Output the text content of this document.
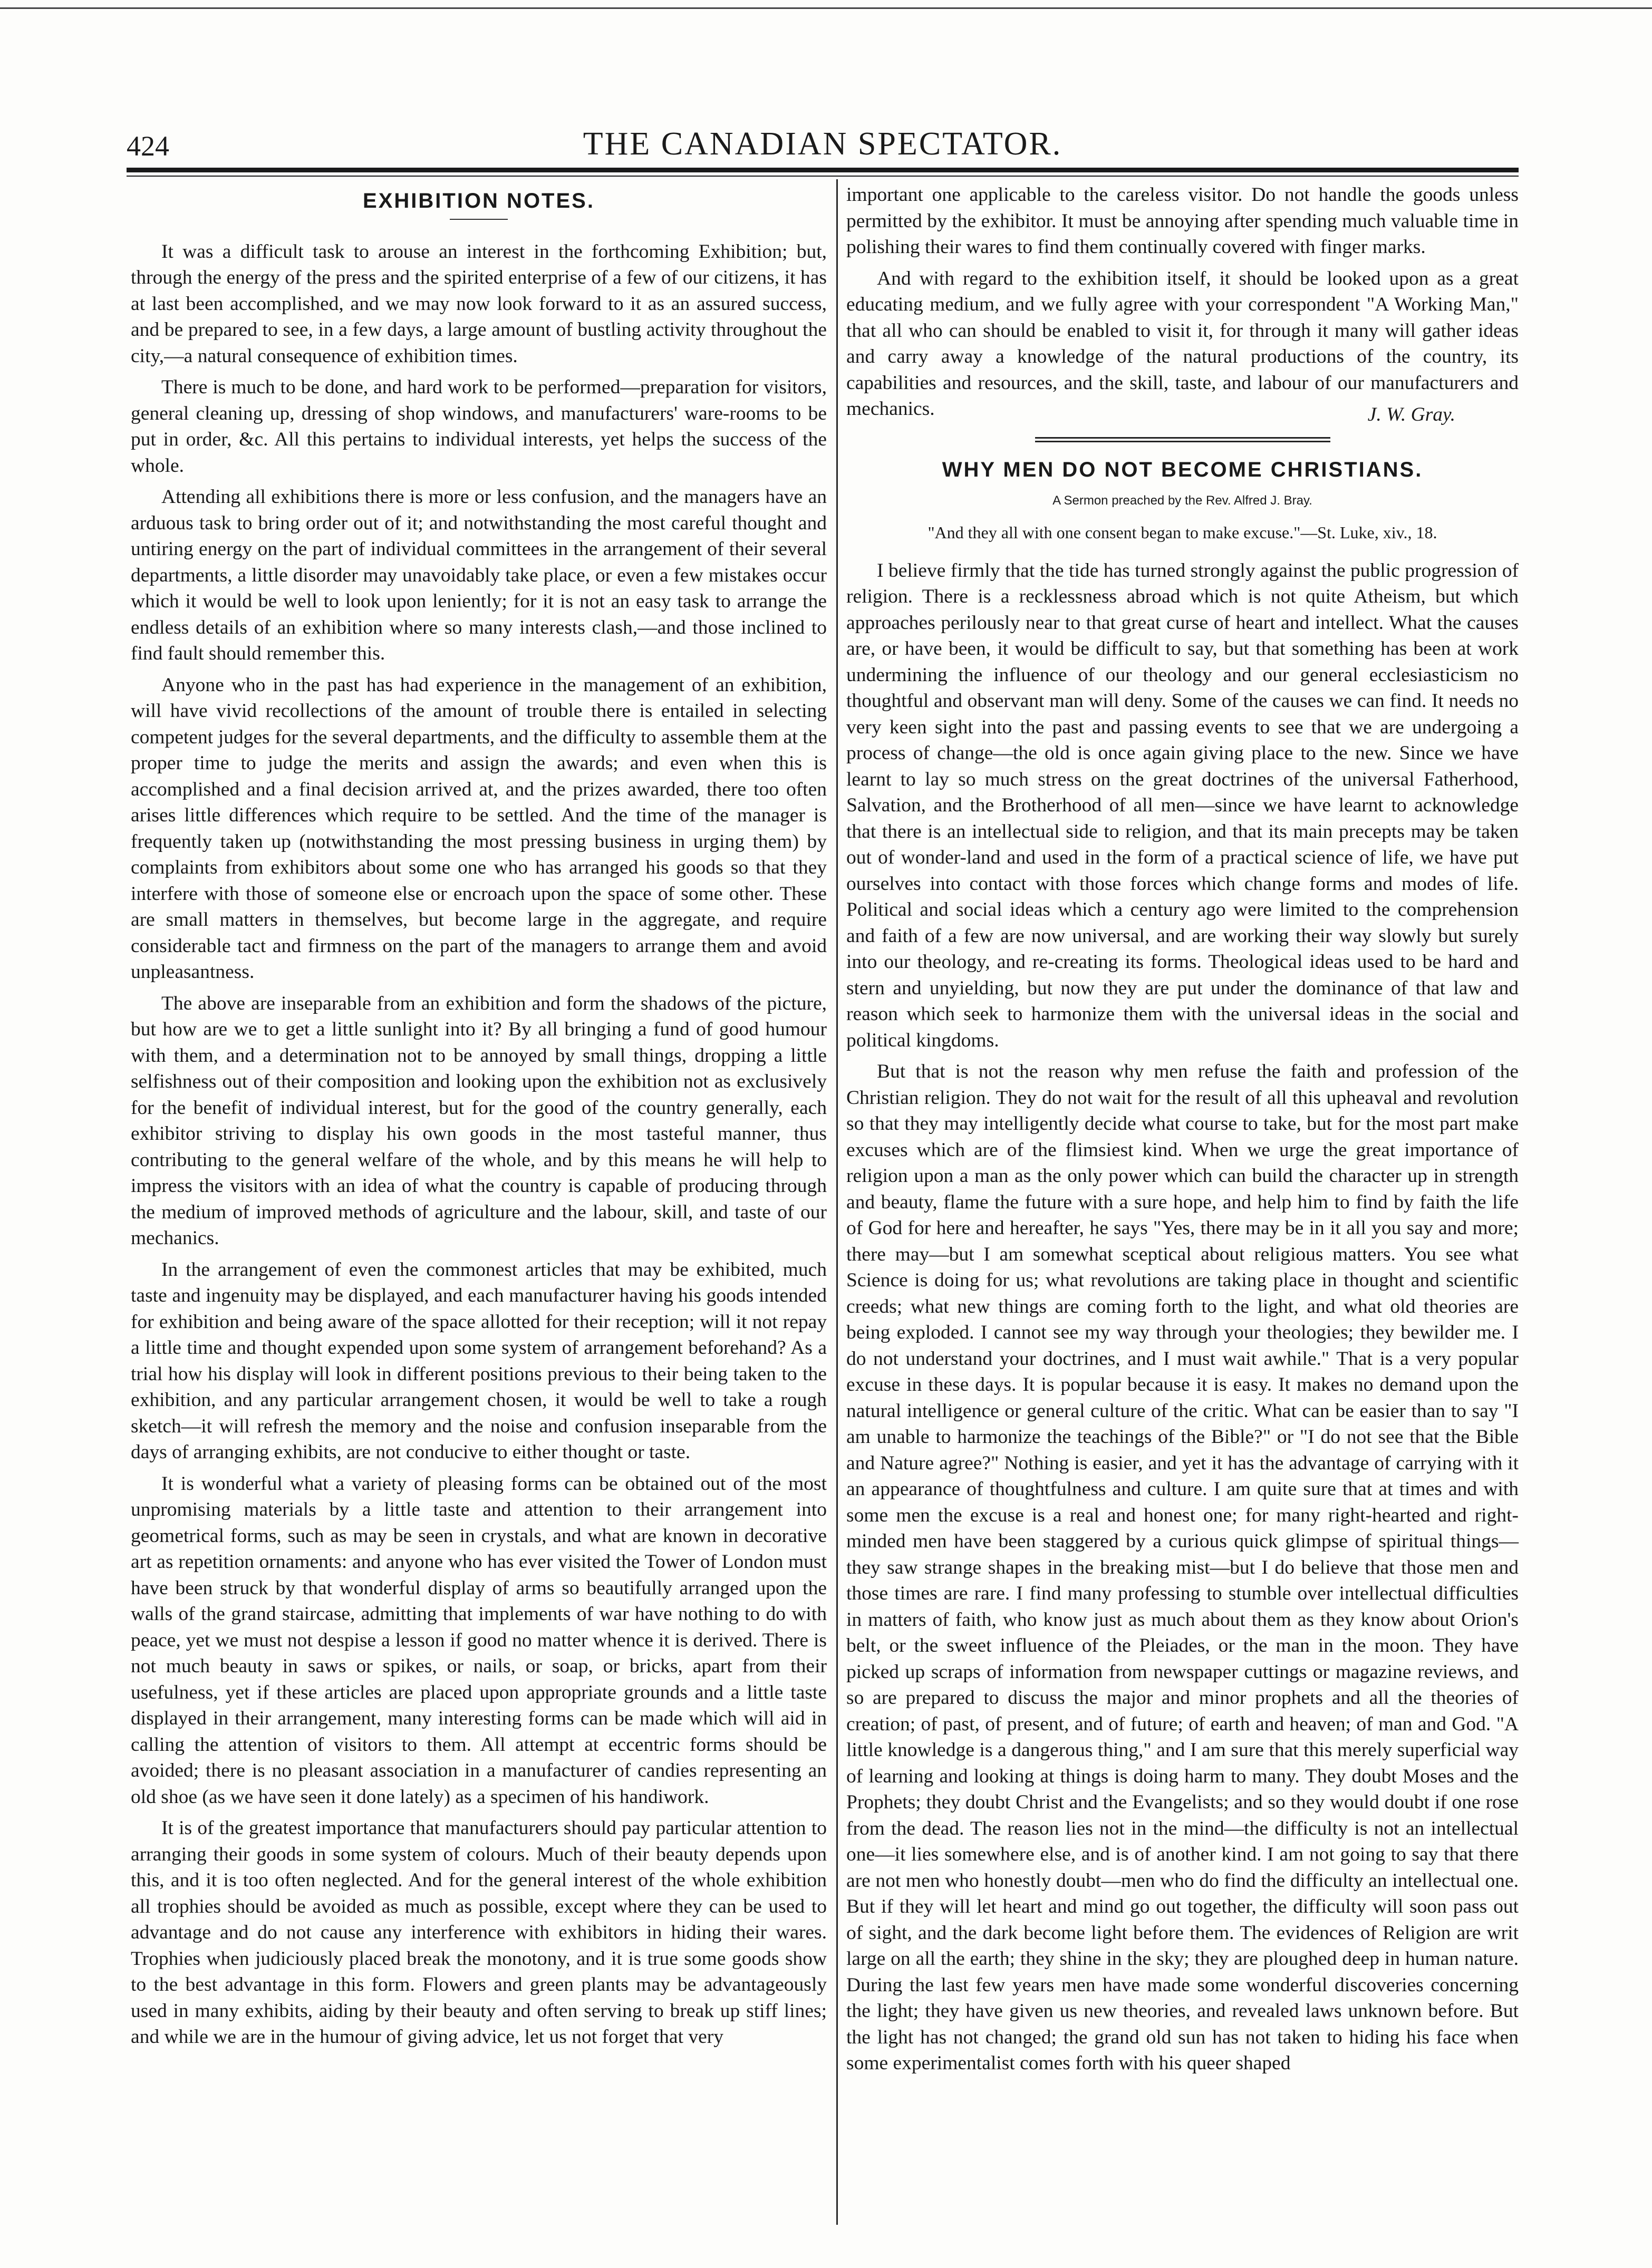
424	THE CANADIAN SPECTATOR.
EXHIBITION NOTES.

It was a difficult task to arouse an interest in the forthcoming Exhibition; but, through the energy of the press and the spirited enterprise of a few of our citizens, it has at last been accomplished, and we may now look forward to it as an assured success, and be prepared to see, in a few days, a large amount of bustling activity throughout the city,—a natural consequence of exhibition times.

There is much to be done, and hard work to be performed—preparation for visitors, general cleaning up, dressing of shop windows, and manufacturers' ware-rooms to be put in order, &c. All this pertains to individual interests, yet helps the success of the whole.

Attending all exhibitions there is more or less confusion, and the managers have an arduous task to bring order out of it; and notwithstanding the most careful thought and untiring energy on the part of individual committees in the arrangement of their several departments, a little disorder may unavoidably take place, or even a few mistakes occur which it would be well to look upon leniently; for it is not an easy task to arrange the endless details of an exhibition where so many interests clash,—and those inclined to find fault should remember this.

Anyone who in the past has had experience in the management of an exhibition, will have vivid recollections of the amount of trouble there is entailed in selecting competent judges for the several departments, and the difficulty to assemble them at the proper time to judge the merits and assign the awards; and even when this is accomplished and a final decision arrived at, and the prizes awarded, there too often arises little differences which require to be settled. And the time of the manager is frequently taken up (notwithstanding the most pressing business in urging them) by complaints from exhibitors about some one who has arranged his goods so that they interfere with those of someone else or encroach upon the space of some other. These are small matters in themselves, but become large in the aggregate, and require considerable tact and firmness on the part of the managers to arrange them and avoid unpleasantness.

The above are inseparable from an exhibition and form the shadows of the picture, but how are we to get a little sunlight into it? By all bringing a fund of good humour with them, and a determination not to be annoyed by small things, dropping a little selfishness out of their composition and looking upon the exhibition not as exclusively for the benefit of individual interest, but for the good of the country generally, each exhibitor striving to display his own goods in the most tasteful manner, thus contributing to the general welfare of the whole, and by this means he will help to impress the visitors with an idea of what the country is capable of producing through the medium of improved methods of agriculture and the labour, skill, and taste of our mechanics.

In the arrangement of even the commonest articles that may be exhibited, much taste and ingenuity may be displayed, and each manufacturer having his goods intended for exhibition and being aware of the space allotted for their reception; will it not repay a little time and thought expended upon some system of arrangement beforehand? As a trial how his display will look in different positions previous to their being taken to the exhibition, and any particular arrangement chosen, it would be well to take a rough sketch—it will refresh the memory and the noise and confusion inseparable from the days of arranging exhibits, are not conducive to either thought or taste.

It is wonderful what a variety of pleasing forms can be obtained out of the most unpromising materials by a little taste and attention to their arrangement into geometrical forms, such as may be seen in crystals, and what are known in decorative art as repetition ornaments: and anyone who has ever visited the Tower of London must have been struck by that wonderful display of arms so beautifully arranged upon the walls of the grand staircase, admitting that implements of war have nothing to do with peace, yet we must not despise a lesson if good no matter whence it is derived. There is not much beauty in saws or spikes, or nails, or soap, or bricks, apart from their usefulness, yet if these articles are placed upon appropriate grounds and a little taste displayed in their arrangement, many interesting forms can be made which will aid in calling the attention of visitors to them. All attempt at eccentric forms should be avoided; there is no pleasant association in a manufacturer of candies representing an old shoe (as we have seen it done lately) as a specimen of his handiwork.

It is of the greatest importance that manufacturers should pay particular attention to arranging their goods in some system of colours. Much of their beauty depends upon this, and it is too often neglected. And for the general interest of the whole exhibition all trophies should be avoided as much as possible, except where they can be used to advantage and do not cause any interference with exhibitors in hiding their wares. Trophies when judiciously placed break the monotony, and it is true some goods show to the best advantage in this form. Flowers and green plants may be advantageously used in many exhibits, aiding by their beauty and often serving to break up stiff lines; and while we are in the humour of giving advice, let us not forget that very

important one applicable to the careless visitor. Do not handle the goods unless permitted by the exhibitor. It must be annoying after spending much valuable time in polishing their wares to find them continually covered with finger marks.

And with regard to the exhibition itself, it should be looked upon as a great educating medium, and we fully agree with your correspondent "A Working Man," that all who can should be enabled to visit it, for through it many will gather ideas and carry away a knowledge of the natural productions of the country, its capabilities and resources, and the skill, taste, and labour of our manufacturers and mechanics.	J. W. Gray.
WHY MEN DO NOT BECOME CHRISTIANS.
A Sermon preached by the Rev. Alfred J. Bray.
"And they all with one consent began to make excuse."—St. Luke, xiv., 18.

I believe firmly that the tide has turned strongly against the public progression of religion. There is a recklessness abroad which is not quite Atheism, but which approaches perilously near to that great curse of heart and intellect. What the causes are, or have been, it would be difficult to say, but that something has been at work undermining the influence of our theology and our general ecclesiasticism no thoughtful and observant man will deny. Some of the causes we can find. It needs no very keen sight into the past and passing events to see that we are undergoing a process of change—the old is once again giving place to the new. Since we have learnt to lay so much stress on the great doctrines of the universal Fatherhood, Salvation, and the Brotherhood of all men—since we have learnt to acknowledge that there is an intellectual side to religion, and that its main precepts may be taken out of wonder-land and used in the form of a practical science of life, we have put ourselves into contact with those forces which change forms and modes of life. Political and social ideas which a century ago were limited to the comprehension and faith of a few are now universal, and are working their way slowly but surely into our theology, and re-creating its forms. Theological ideas used to be hard and stern and unyielding, but now they are put under the dominance of that law and reason which seek to harmonize them with the universal ideas in the social and political kingdoms.

But that is not the reason why men refuse the faith and profession of the Christian religion. They do not wait for the result of all this upheaval and revolution so that they may intelligently decide what course to take, but for the most part make excuses which are of the flimsiest kind. When we urge the great importance of religion upon a man as the only power which can build the character up in strength and beauty, flame the future with a sure hope, and help him to find by faith the life of God for here and hereafter, he says "Yes, there may be in it all you say and more; there may—but I am somewhat sceptical about religious matters. You see what Science is doing for us; what revolutions are taking place in thought and scientific creeds; what new things are coming forth to the light, and what old theories are being exploded. I cannot see my way through your theologies; they bewilder me. I do not understand your doctrines, and I must wait awhile." That is a very popular excuse in these days. It is popular because it is easy. It makes no demand upon the natural intelligence or general culture of the critic. What can be easier than to say "I am unable to harmonize the teachings of the Bible?" or "I do not see that the Bible and Nature agree?" Nothing is easier, and yet it has the advantage of carrying with it an appearance of thoughtfulness and culture. I am quite sure that at times and with some men the excuse is a real and honest one; for many right-hearted and right-minded men have been staggered by a curious quick glimpse of spiritual things—they saw strange shapes in the breaking mist—but I do believe that those men and those times are rare. I find many professing to stumble over intellectual difficulties in matters of faith, who know just as much about them as they know about Orion's belt, or the sweet influence of the Pleiades, or the man in the moon. They have picked up scraps of information from newspaper cuttings or magazine reviews, and so are prepared to discuss the major and minor prophets and all the theories of creation; of past, of present, and of future; of earth and heaven; of man and God. "A little knowledge is a dangerous thing," and I am sure that this merely superficial way of learning and looking at things is doing harm to many. They doubt Moses and the Prophets; they doubt Christ and the Evangelists; and so they would doubt if one rose from the dead. The reason lies not in the mind—the difficulty is not an intellectual one—it lies somewhere else, and is of another kind. I am not going to say that there are not men who honestly doubt—men who do find the difficulty an intellectual one. But if they will let heart and mind go out together, the difficulty will soon pass out of sight, and the dark become light before them. The evidences of Religion are writ large on all the earth; they shine in the sky; they are ploughed deep in human nature. During the last few years men have made some wonderful discoveries concerning the light; they have given us new theories, and revealed laws unknown before. But the light has not changed; the grand old sun has not taken to hiding his face when some experimentalist comes forth with his queer shaped
